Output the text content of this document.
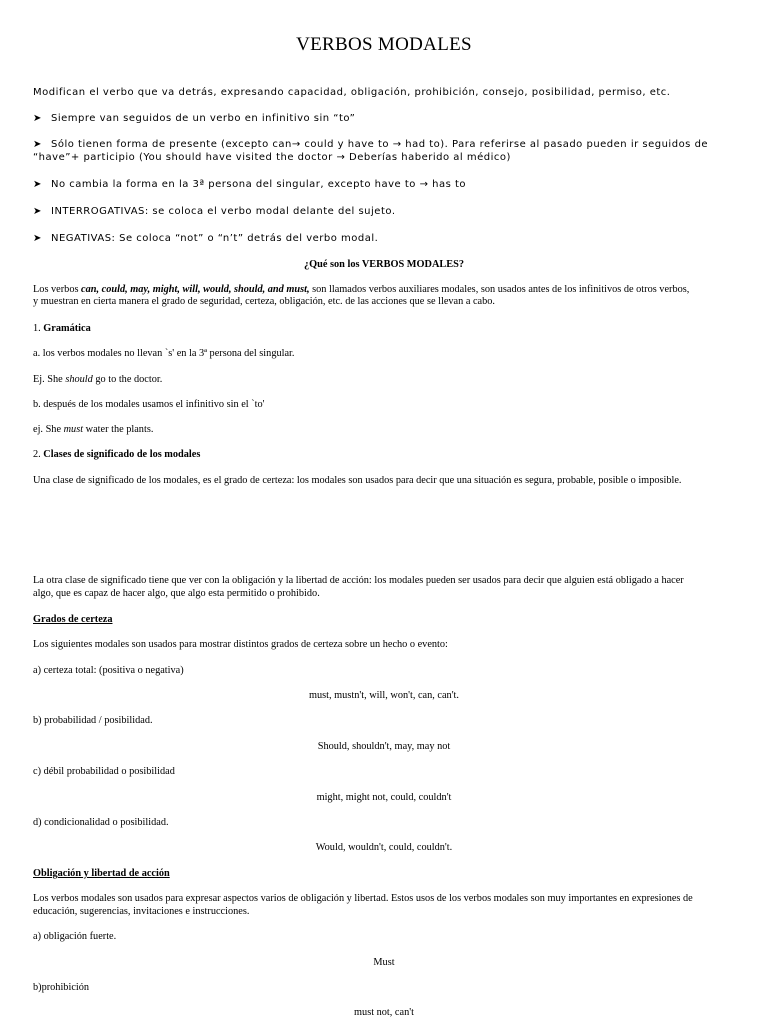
VERBOS MODALES
Modifican el verbo que va detrás, expresando capacidad, obligación, prohibición, consejo, posibilidad, permiso, etc.
➤ Siempre van seguidos de un verbo en infinitivo sin “to”
➤ Sólo tienen forma de presente (excepto can→ could y have to → had to). Para referirse al pasado pueden ir seguidos de
“have”+ participio (You should have visited the doctor → Deberías haberido al médico)
➤ No cambia la forma en la 3ª persona del singular, excepto have to → has to
➤ INTERROGATIVAS: se coloca el verbo modal delante del sujeto.
➤ NEGATIVAS: Se coloca “not” o “n’t” detrás del verbo modal.
¿Qué son los VERBOS MODALES?
Los verbos can, could, may, might, will, would, should, and must, son llamados verbos auxiliares modales, son usados antes de los infinitivos de otros verbos,
y muestran en cierta manera el grado de seguridad, certeza, obligación, etc. de las acciones que se llevan a cabo.
1. Gramática
a. los verbos modales no llevan `s' en la 3ª persona del singular.
Ej. She should go to the doctor.
b. después de los modales usamos el infinitivo sin el `to'
ej. She must water the plants.
2. Clases de significado de los modales
Una clase de significado de los modales, es el grado de certeza: los modales son usados para decir que una situación es segura, probable, posible o imposible.
La otra clase de significado tiene que ver con la obligación y la libertad de acción: los modales pueden ser usados para decir que alguien está obligado a hacer
algo, que es capaz de hacer algo, que algo esta permitido o prohibido.
Grados de certeza
Los siguientes modales son usados para mostrar distintos grados de certeza sobre un hecho o evento:
a) certeza total: (positiva o negativa)
must, mustn't, will, won't, can, can't.
b) probabilidad / posibilidad.
Should, shouldn't, may, may not
c) débil probabilidad o posibilidad
might, might not, could, couldn't
d) condicionalidad o posibilidad.
Would, wouldn't, could, couldn't.
Obligación y libertad de acción
Los verbos modales son usados para expresar aspectos varios de obligación y libertad. Estos usos de los verbos modales son muy importantes en expresiones de
educación, sugerencias, invitaciones e instrucciones.
a) obligación fuerte.
Must
b)prohibición
must not, can't
